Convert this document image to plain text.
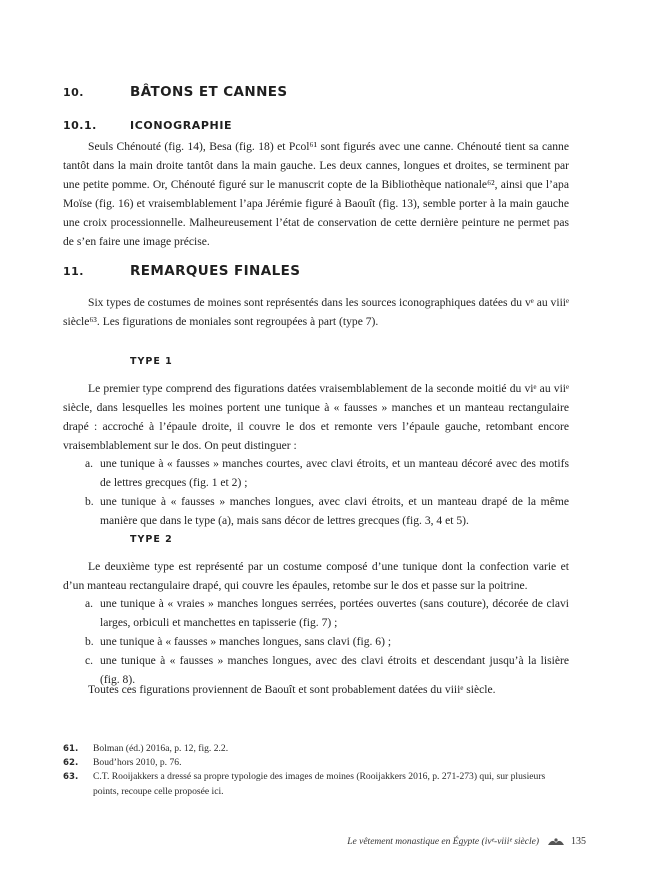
10.	BÂTONS ET CANNES
10.1.	ICONOGRAPHIE

Seuls Chénouté (fig. 14), Besa (fig. 18) et Pcol⁶¹ sont figurés avec une canne. Chénouté tient sa canne tantôt dans la main droite tantôt dans la main gauche. Les deux cannes, longues et droites, se terminent par une petite pomme. Or, Chénouté figuré sur le manuscrit copte de la Bibliothèque nationale⁶², ainsi que l’apa Moïse (fig. 16) et vraisemblablement l’apa Jérémie figuré à Baouît (fig. 13), semble porter à la main gauche une croix processionnelle. Malheureusement l’état de conservation de cette dernière peinture ne permet pas de s’en faire une image précise.

11.	REMARQUES FINALES

Six types de costumes de moines sont représentés dans les sources iconographiques datées du vᵉ au viiiᵉ siècle⁶³. Les figurations de moniales sont regroupées à part (type 7).

TYPE 1

Le premier type comprend des figurations datées vraisemblablement de la seconde moitié du viᵉ au viiᵉ siècle, dans lesquelles les moines portent une tunique à « fausses » manches et un manteau rectangulaire drapé : accroché à l’épaule droite, il couvre le dos et remonte vers l’épaule gauche, retombant encore vraisemblablement sur le dos. On peut distinguer :

a. une tunique à « fausses » manches courtes, avec clavi étroits, et un manteau décoré avec des motifs de lettres grecques (fig. 1 et 2) ;
b. une tunique à « fausses » manches longues, avec clavi étroits, et un manteau drapé de la même manière que dans le type (a), mais sans décor de lettres grecques (fig. 3, 4 et 5).
TYPE 2

Le deuxième type est représenté par un costume composé d’une tunique dont la confection varie et d’un manteau rectangulaire drapé, qui couvre les épaules, retombe sur le dos et passe sur la poitrine.

a. une tunique à « vraies » manches longues serrées, portées ouvertes (sans couture), décorée de clavi larges, orbiculi et manchettes en tapisserie (fig. 7) ;
b. une tunique à « fausses » manches longues, sans clavi (fig. 6) ;
c. une tunique à « fausses » manches longues, avec des clavi étroits et descendant jusqu’à la lisière (fig. 8).

Toutes ces figurations proviennent de Baouît et sont probablement datées du viiiᵉ siècle.

61. Bolman (éd.) 2016a, p. 12, fig. 2.2.
62. Boud’hors 2010, p. 76.
63. C.T. Rooijakkers a dressé sa propre typologie des images de moines (Rooijakkers 2016, p. 271-273) qui, sur plusieurs points, recoupe celle proposée ici.
Le vêtement monastique en Égypte (ivᵉ-viiiᵉ siècle)	135
